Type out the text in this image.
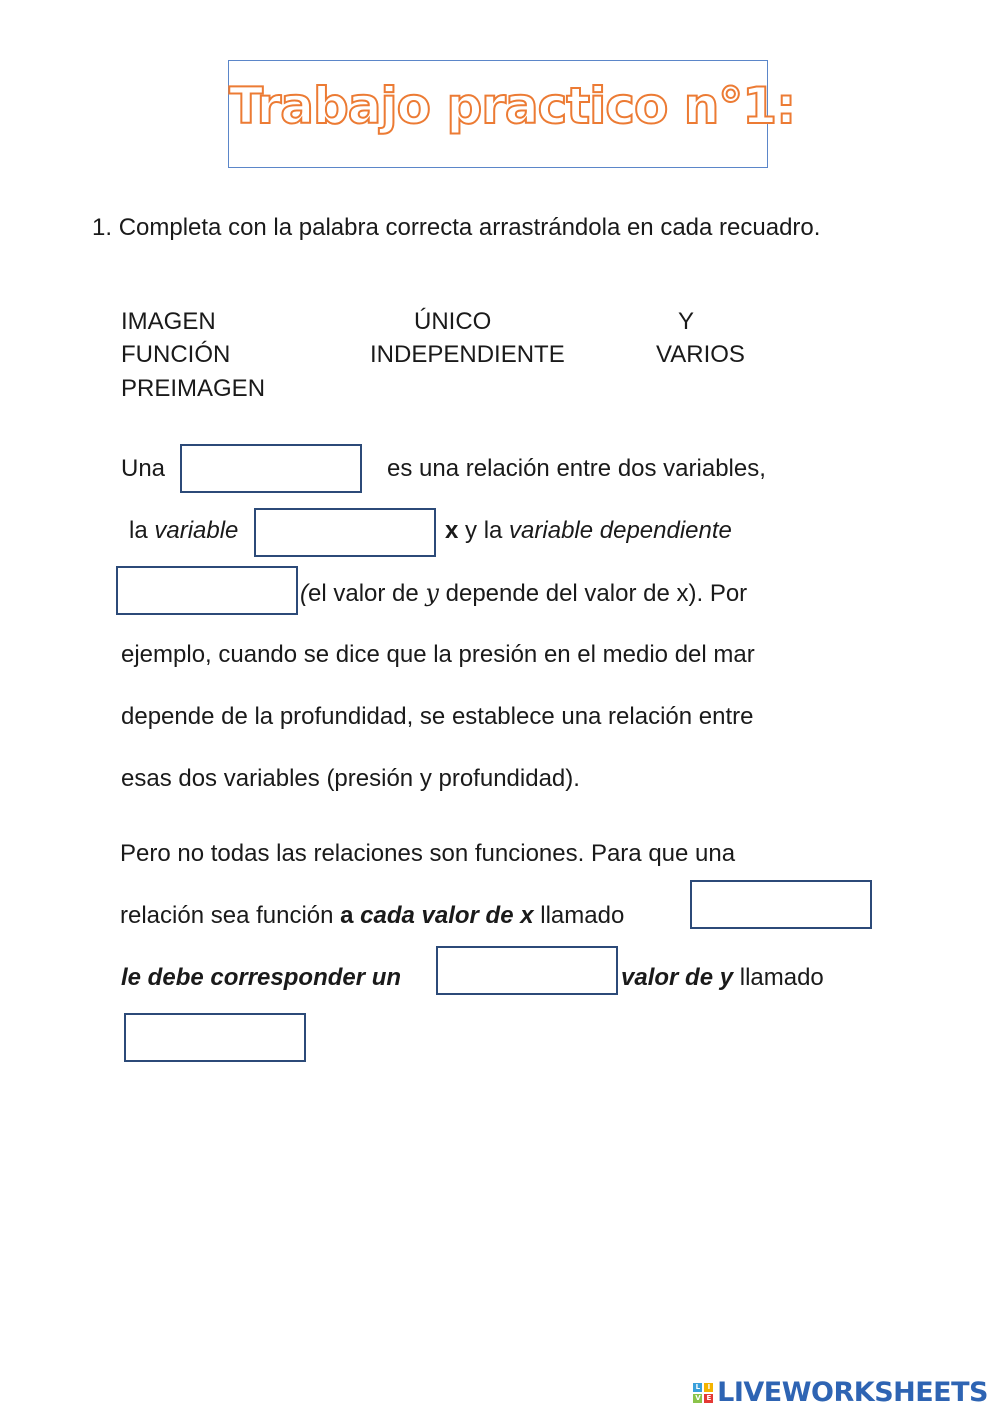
Trabajo practico n°1:
1. Completa con la palabra correcta arrastrándola en cada recuadro.
IMAGEN	ÚNICO	Y
FUNCIÓN	INDEPENDIENTE	VARIOS
PREIMAGEN
Una	es una relación entre dos variables,
la variable	x y la variable dependiente
(el valor de y depende del valor de x). Por
ejemplo, cuando se dice que la presión en el medio del mar
depende de la profundidad, se establece una relación entre
esas dos variables (presión y profundidad).
Pero no todas las relaciones son funciones. Para que una
relación sea función a cada valor de x llamado
le debe corresponder un	valor de y llamado
L	I
V E LIVEWORKSHEETS
